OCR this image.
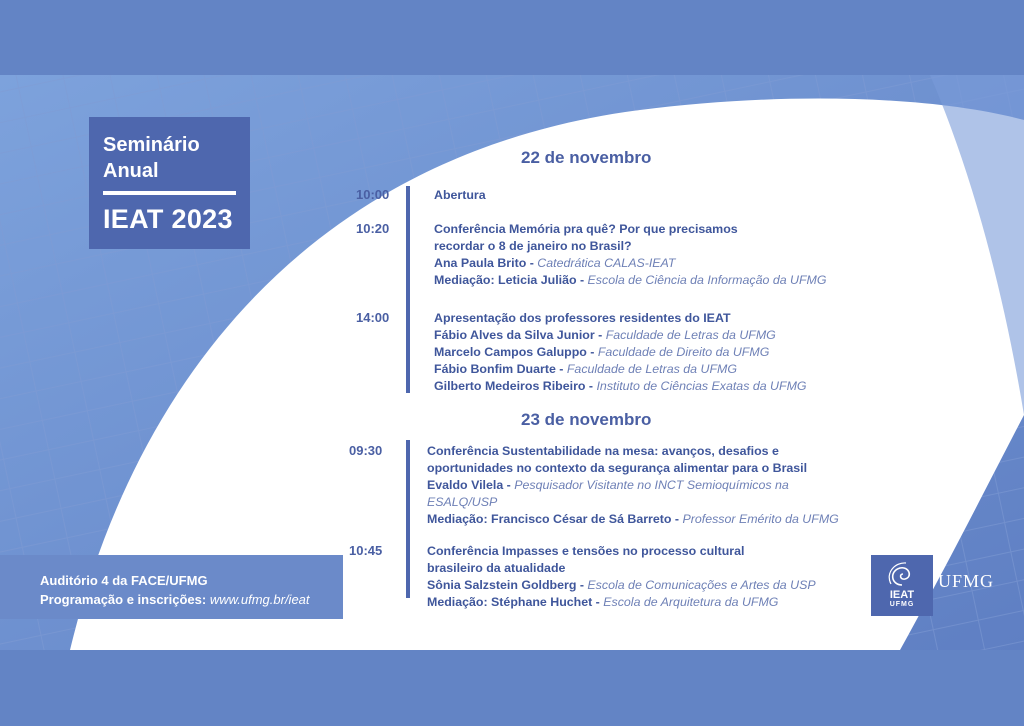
Seminário
Anual
IEAT 2023
22 de novembro
10:00	Abertura
10:20	Conferência Memória pra quê? Por que precisamos
recordar o 8 de janeiro no Brasil?
Ana Paula Brito - Catedrática CALAS-IEAT
Mediação: Leticia Julião - Escola de Ciência da Informação da UFMG
14:00	Apresentação dos professores residentes do IEAT
Fábio Alves da Silva Junior - Faculdade de Letras da UFMG
Marcelo Campos Galuppo - Faculdade de Direito da UFMG
Fábio Bonfim Duarte - Faculdade de Letras da UFMG
Gilberto Medeiros Ribeiro - Instituto de Ciências Exatas da UFMG
23 de novembro
09:30	Conferência Sustentabilidade na mesa: avanços, desafios e
oportunidades no contexto da segurança alimentar para o Brasil
Evaldo Vilela - Pesquisador Visitante no INCT Semioquímicos na
ESALQ/USP
Mediação: Francisco César de Sá Barreto - Professor Emérito da UFMG
10:45	Conferência Impasses e tensões no processo cultural
brasileiro da atualidade
Sônia Salzstein Goldberg - Escola de Comunicações e Artes da USP
Mediação: Stéphane Huchet - Escola de Arquitetura da UFMG
Auditório 4 da FACE/UFMG
Programação e inscrições: www.ufmg.br/ieat	IEAT
UFMG
UFMG
